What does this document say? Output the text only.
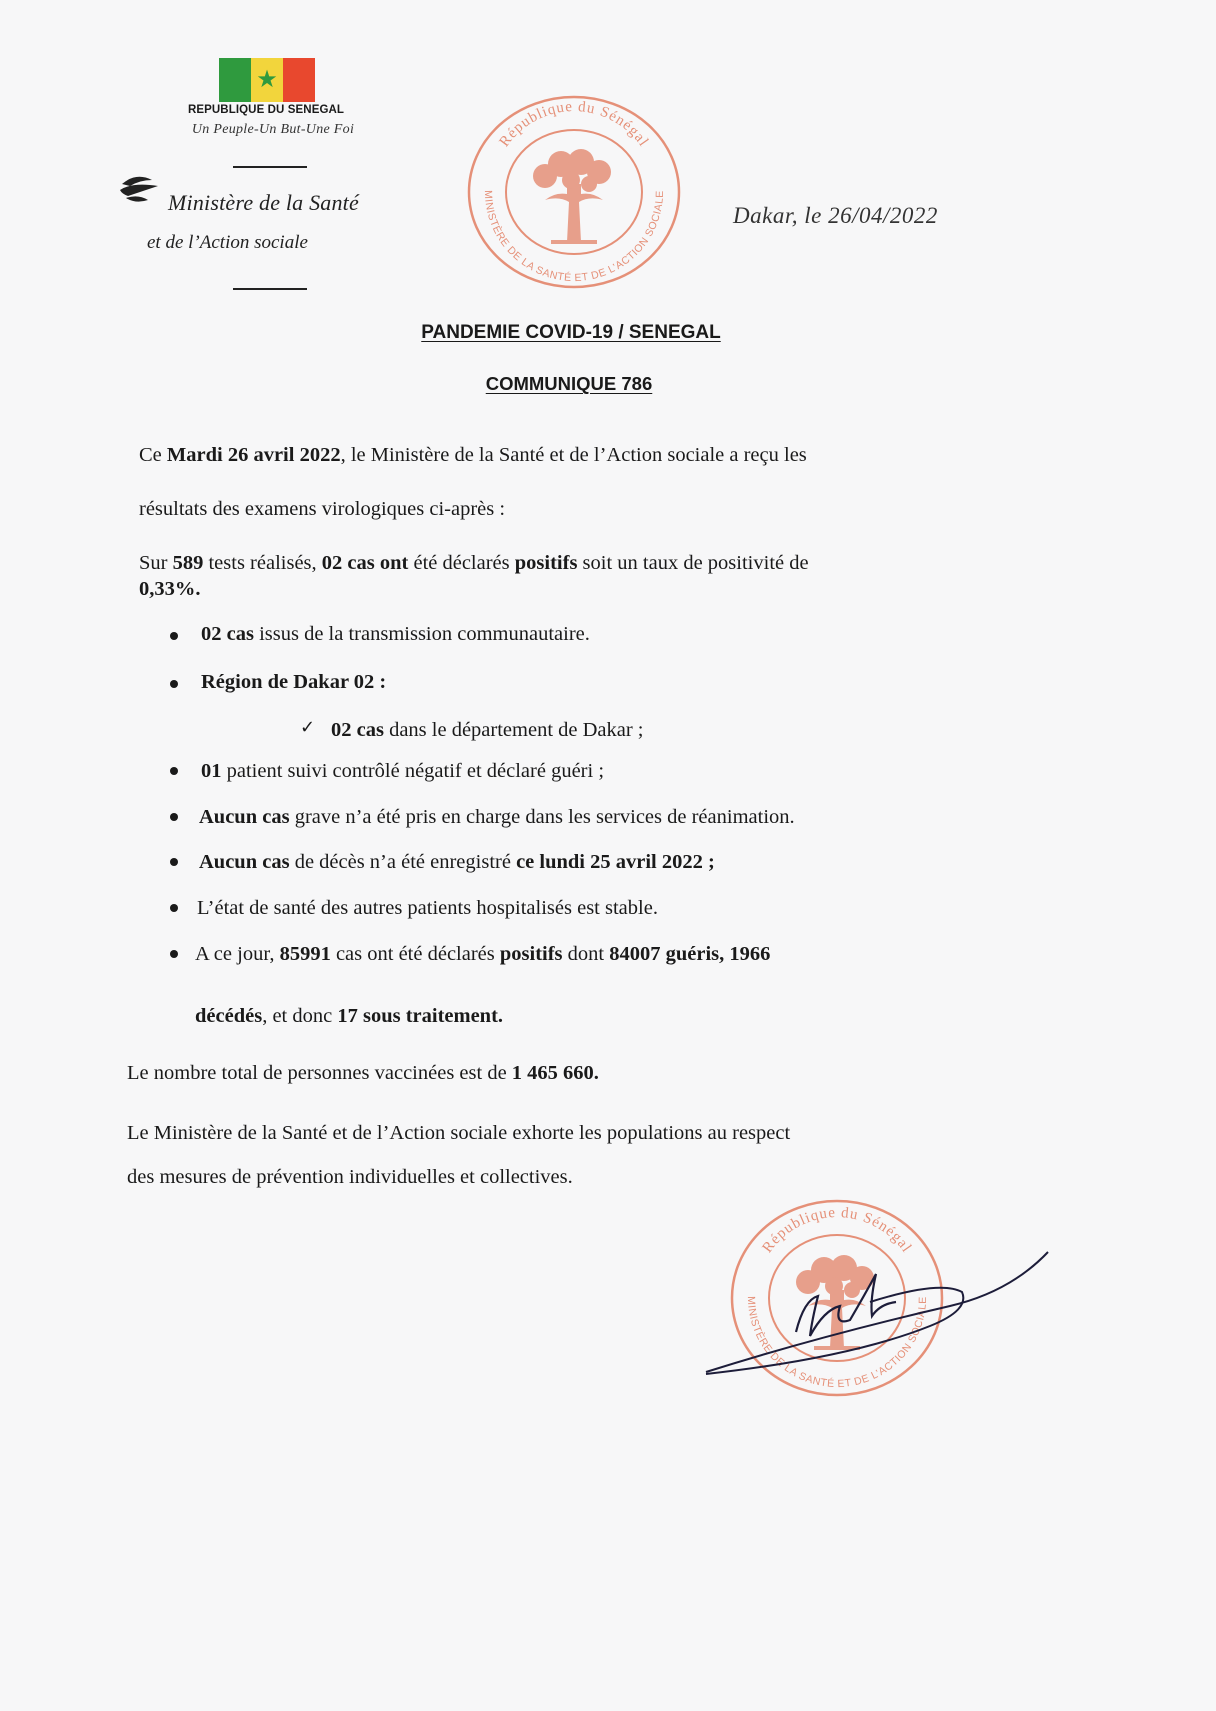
★
REPUBLIQUE DU SENEGAL
Un Peuple-Un But-Une Foi
Ministère de la Santé
et de l’Action sociale
République du Sénégal
MINISTÈRE DE LA SANTÉ ET DE L’ACTION SOCIALE
Dakar, le 26/04/2022
PANDEMIE COVID-19 / SENEGAL
COMMUNIQUE 786
Ce Mardi 26 avril 2022, le Ministère de la Santé et de l’Action sociale a reçu les
résultats des examens virologiques ci-après :
Sur 589 tests réalisés, 02 cas ont été déclarés positifs soit un taux de positivité de
0,33%.
02 cas issus de la transmission communautaire.
Région de Dakar 02 :
✓ 02 cas dans le département de Dakar ;
01 patient suivi contrôlé négatif et déclaré guéri ;
Aucun cas grave n’a été pris en charge dans les services de réanimation.
Aucun cas de décès n’a été enregistré ce lundi 25 avril 2022 ;
L’état de santé des autres patients hospitalisés est stable.
A ce jour, 85991 cas ont été déclarés positifs dont 84007 guéris, 1966
décédés, et donc 17 sous traitement.
Le nombre total de personnes vaccinées est de 1 465 660.
Le Ministère de la Santé et de l’Action sociale exhorte les populations au respect
des mesures de prévention individuelles et collectives.
République du Sénégal
MINISTÈRE DE LA SANTÉ ET DE L’ACTION SOCIALE
